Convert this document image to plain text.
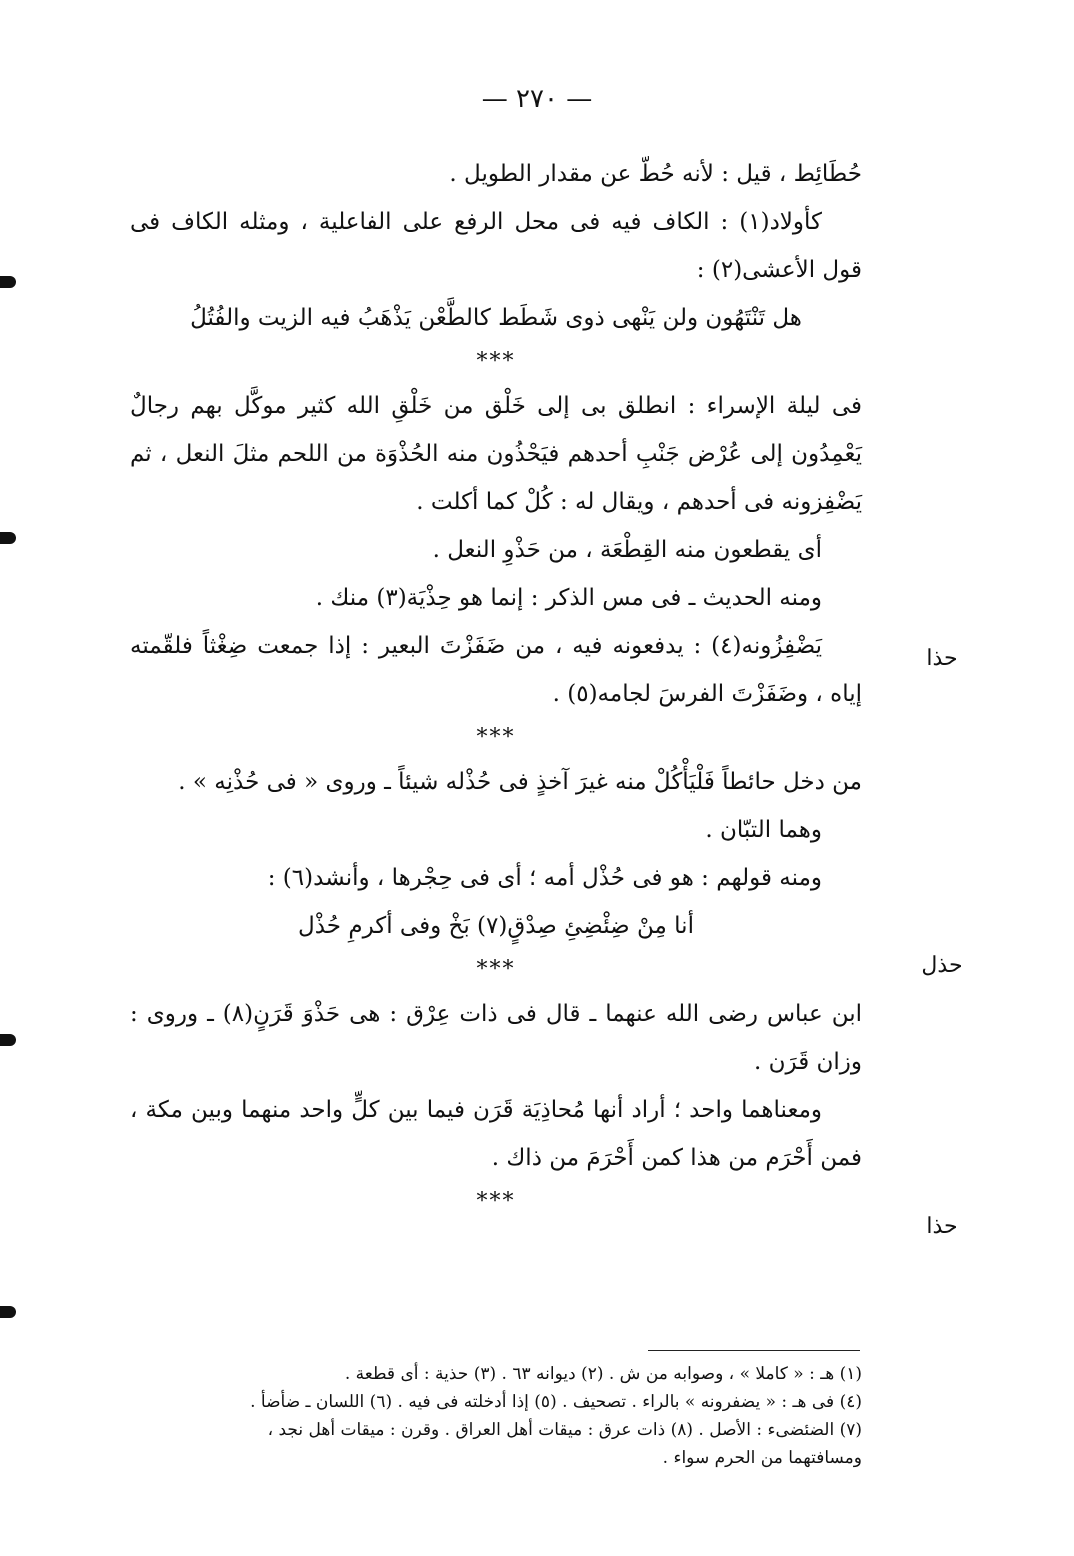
— ٢٧٠ —

حُطَائِط ، قيل : لأنه حُطّ عن مقدار الطويل .

كأولاد(١) : الكاف فيه فى محل الرفع على الفاعلية ، ومثله الكاف فى قول الأعشى(٢) :

هل تَنْتَهُون ولن يَنْهى ذوى شَطَط كالطَّعْن يَذْهَبُ فيه الزيت والفُتُلُ

***

فى ليلة الإسراء : انطلق بى إلى خَلْق من خَلْقِ الله كثير موكَّل بهم رجالٌ يَعْمِدُون إلى عُرْض جَنْبِ أحدهم فيَحْذُون منه الحُذْوَة من اللحم مثلَ النعل ، ثم يَضْفِزونه فى أحدهم ، ويقال له : كُلْ كما أكلت .

أى يقطعون منه القِطْعَة ، من حَذْوِ النعل .

ومنه الحديث ـ فى مس الذكر : إنما هو حِذْيَة(٣) منك .

يَضْفِزُونه(٤) : يدفعونه فيه ، من ضَفَزْتَ البعير : إذا جمعت ضِغْثاً فلقّمته إياه ، وضَفَزْتَ الفرسَ لجامه(٥) .

***

من دخل حائطاً فَلْيَأْكُلْ منه غيرَ آخذٍ فى حُذْله شيئاً ـ وروى « فى حُذْنِه » .

وهما التبّان .

ومنه قولهم : هو فى حُذْل أمه ؛ أى فى حِجْرها ، وأنشد(٦) :

أنا مِنْ ضِئْضِئِ صِدْقٍ(٧) بَخْ وفى أكرمِ حُذْل

***

ابن عباس رضى الله عنهما ـ قال فى ذات عِرْق : هى حَذْوَ قَرَنٍ(٨) ـ وروى : وزان قَرَن .

ومعناهما واحد ؛ أراد أنها مُحاذِيَة قَرَن فيما بين كلٍّ واحد منهما وبين مكة ، فمن أَحْرَم من هذا كمن أَحْرَمَ من ذاك .

***

حذا
حذل
حذا

(١) هـ : « كاملا » ، وصوابه من ش . (٢) ديوانه ٦٣ . (٣) حذية : أى قطعة .

(٤) فى هـ : « يضفرونه » بالراء . تصحيف . (٥) إذا أدخلته فى فيه . (٦) اللسان ـ ضأضأ .

(٧) الضئضىء : الأصل . (٨) ذات عرق : ميقات أهل العراق . وقرن : ميقات أهل نجد ،

ومسافتهما من الحرم سواء .
